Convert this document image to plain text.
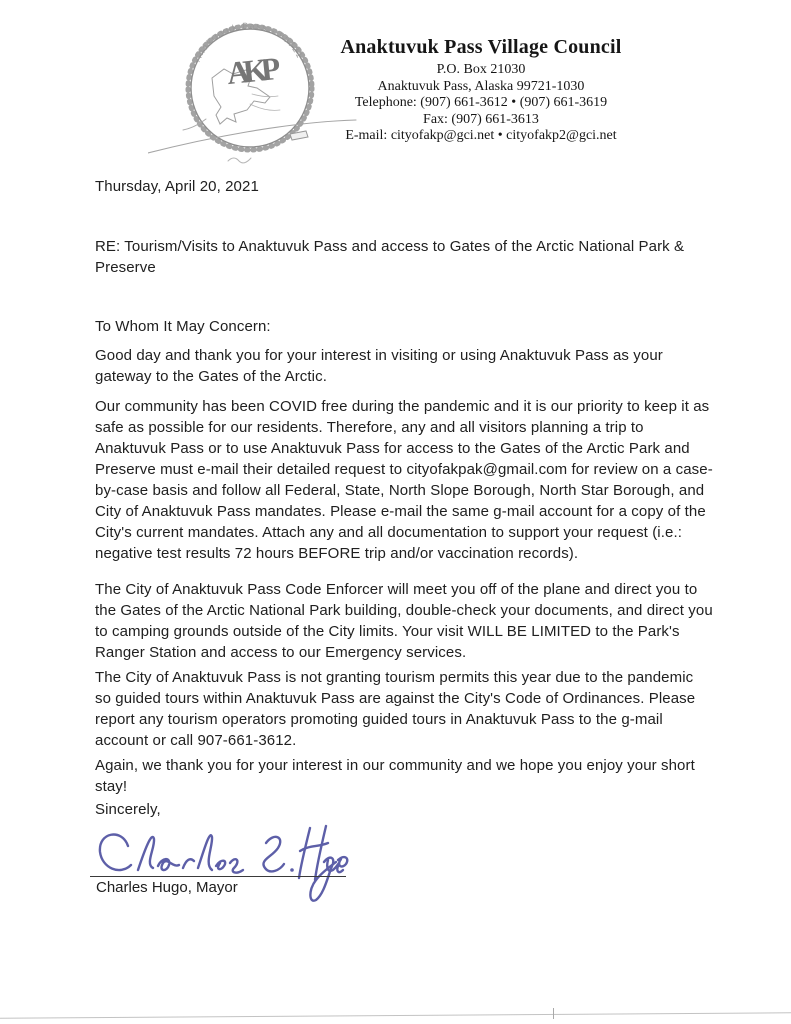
Anaktuvuk Pass - 99721
AKP
Anaktuvuk Pass Village Council
P.O. Box 21030
Anaktuvuk Pass, Alaska 99721-1030
Telephone: (907) 661-3612 • (907) 661-3619
Fax: (907) 661-3613
E-mail: cityofakp@gci.net • cityofakp2@gci.net
Thursday, April 20, 2021
RE: Tourism/Visits to Anaktuvuk Pass and access to Gates of the Arctic National Park & Preserve
To Whom It May Concern:
Good day and thank you for your interest in visiting or using Anaktuvuk Pass as your gateway to the Gates of the Arctic.
Our community has been COVID free during the pandemic and it is our priority to keep it as safe as possible for our residents. Therefore, any and all visitors planning a trip to Anaktuvuk Pass or to use Anaktuvuk Pass for access to the Gates of the Arctic Park and Preserve must e-mail their detailed request to cityofakpak@gmail.com for review on a case-by-case basis and follow all Federal, State, North Slope Borough, North Star Borough, and City of Anaktuvuk Pass mandates. Please e-mail the same g-mail account for a copy of the City's current mandates. Attach any and all documentation to support your request (i.e.: negative test results 72 hours BEFORE trip and/or vaccination records).
The City of Anaktuvuk Pass Code Enforcer will meet you off of the plane and direct you to the Gates of the Arctic National Park building, double-check your documents, and direct you to camping grounds outside of the City limits. Your visit WILL BE LIMITED to the Park's Ranger Station and access to our Emergency services.
The City of Anaktuvuk Pass is not granting tourism permits this year due to the pandemic so guided tours within Anaktuvuk Pass are against the City's Code of Ordinances. Please report any tourism operators promoting guided tours in Anaktuvuk Pass to the g-mail account or call 907-661-3612.
Again, we thank you for your interest in our community and we hope you enjoy your short stay!
Sincerely,
Charles Hugo, Mayor
